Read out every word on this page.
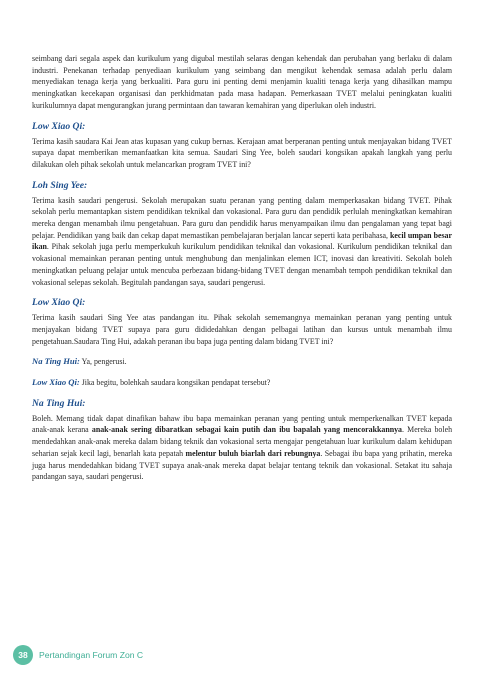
seimbang dari segala aspek dan kurikulum yang digubal mestilah selaras dengan kehendak dan perubahan yang berlaku di dalam industri. Penekanan terhadap penyediaan kurikulum yang seimbang dan mengikut kehendak semasa adalah perlu dalam menyediakan tenaga kerja yang berkualiti. Para guru ini penting demi menjamin kualiti tenaga kerja yang dihasilkan mampu meningkatkan kecekapan organisasi dan perkhidmatan pada masa hadapan. Pemerkasaan TVET melalui peningkatan kualiti kurikulumnya dapat mengurangkan jurang permintaan dan tawaran kemahiran yang diperlukan oleh industri.

Low Xiao Qi:

Terima kasih saudara Kai Jean atas kupasan yang cukup bernas. Kerajaan amat berperanan penting untuk menjayakan bidang TVET supaya dapat memberikan memanfaatkan kita semua. Saudari Sing Yee, boleh saudari kongsikan apakah langkah yang perlu dilakukan oleh pihak sekolah untuk melancarkan program TVET ini?

Loh Sing Yee:

Terima kasih saudari pengerusi. Sekolah merupakan suatu peranan yang penting dalam memperkasakan bidang TVET. Pihak sekolah perlu memantapkan sistem pendidikan teknikal dan vokasional. Para guru dan pendidik perlulah meningkatkan kemahiran mereka dengan menambah ilmu pengetahuan. Para guru dan pendidik harus menyampaikan ilmu dan pengalaman yang tepat bagi pelajar. Pendidikan yang baik dan cekap dapat memastikan pembelajaran berjalan lancar seperti kata peribahasa, kecil umpan besar ikan. Pihak sekolah juga perlu memperkukuh kurikulum pendidikan teknikal dan vokasional. Kurikulum pendidikan teknikal dan vokasional memainkan peranan penting untuk menghubung dan menjalinkan elemen ICT, inovasi dan kreativiti. Sekolah boleh meningkatkan peluang pelajar untuk mencuba perbezaan bidang-bidang TVET dengan menambah tempoh pendidikan teknikal dan vokasional selepas sekolah. Begitulah pandangan saya, saudari pengerusi.

Low Xiao Qi:

Terima kasih saudari Sing Yee atas pandangan itu. Pihak sekolah sememangnya memainkan peranan yang penting untuk menjayakan bidang TVET supaya para guru dididedahkan dengan pelbagai latihan dan kursus untuk menambah ilmu pengetahuan.Saudara Ting Hui, adakah peranan ibu bapa juga penting dalam bidang TVET ini?

Na Ting Hui: Ya, pengerusi.

Low Xiao Qi: Jika begitu, bolehkah saudara kongsikan pendapat tersebut?

Na Ting Hui:

Boleh. Memang tidak dapat dinafikan bahaw ibu bapa memainkan peranan yang penting untuk memperkenalkan TVET kepada anak-anak kerana anak-anak sering dibaratkan sebagai kain putih dan ibu bapalah yang mencorakkannya. Mereka boleh mendedahkan anak-anak mereka dalam bidang teknik dan vokasional serta mengajar pengetahuan luar kurikulum dalam kehidupan seharian sejak kecil lagi, benarlah kata pepatah melentur buluh biarlah dari rebungnya. Sebagai ibu bapa yang prihatin, mereka juga harus mendedahkan bidang TVET supaya anak-anak mereka dapat belajar tentang teknik dan vokasional. Setakat itu sahaja pandangan saya, saudari pengerusi.

38	Pertandingan Forum Zon C
